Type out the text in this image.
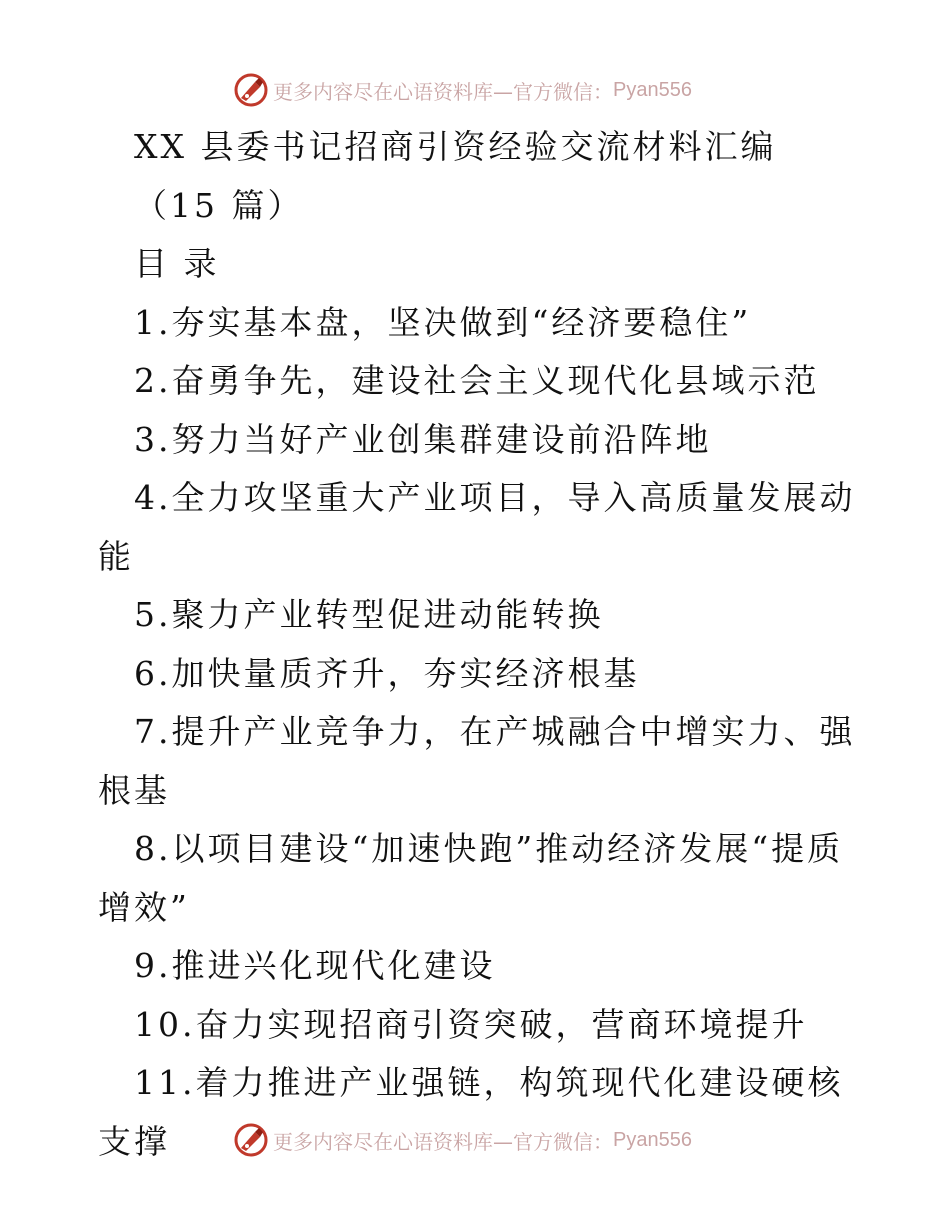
更多内容尽在心语资料库—官方微信： Pyan556
XX 县委书记招商引资经验交流材料汇编
（15 篇）
目 录
1.夯实基本盘，坚决做到“经济要稳住”
2.奋勇争先，建设社会主义现代化县域示范
3.努力当好产业创集群建设前沿阵地
4.全力攻坚重大产业项目，导入高质量发展动能
5.聚力产业转型促进动能转换
6.加快量质齐升，夯实经济根基
7.提升产业竞争力，在产城融合中增实力、强根基
8.以项目建设“加速快跑”推动经济发展“提质增效”
9.推进兴化现代化建设
10.奋力实现招商引资突破，营商环境提升
11.着力推进产业强链，构筑现代化建设硬核支撑	更多内容尽在心语资料库—官方微信： Pyan556
